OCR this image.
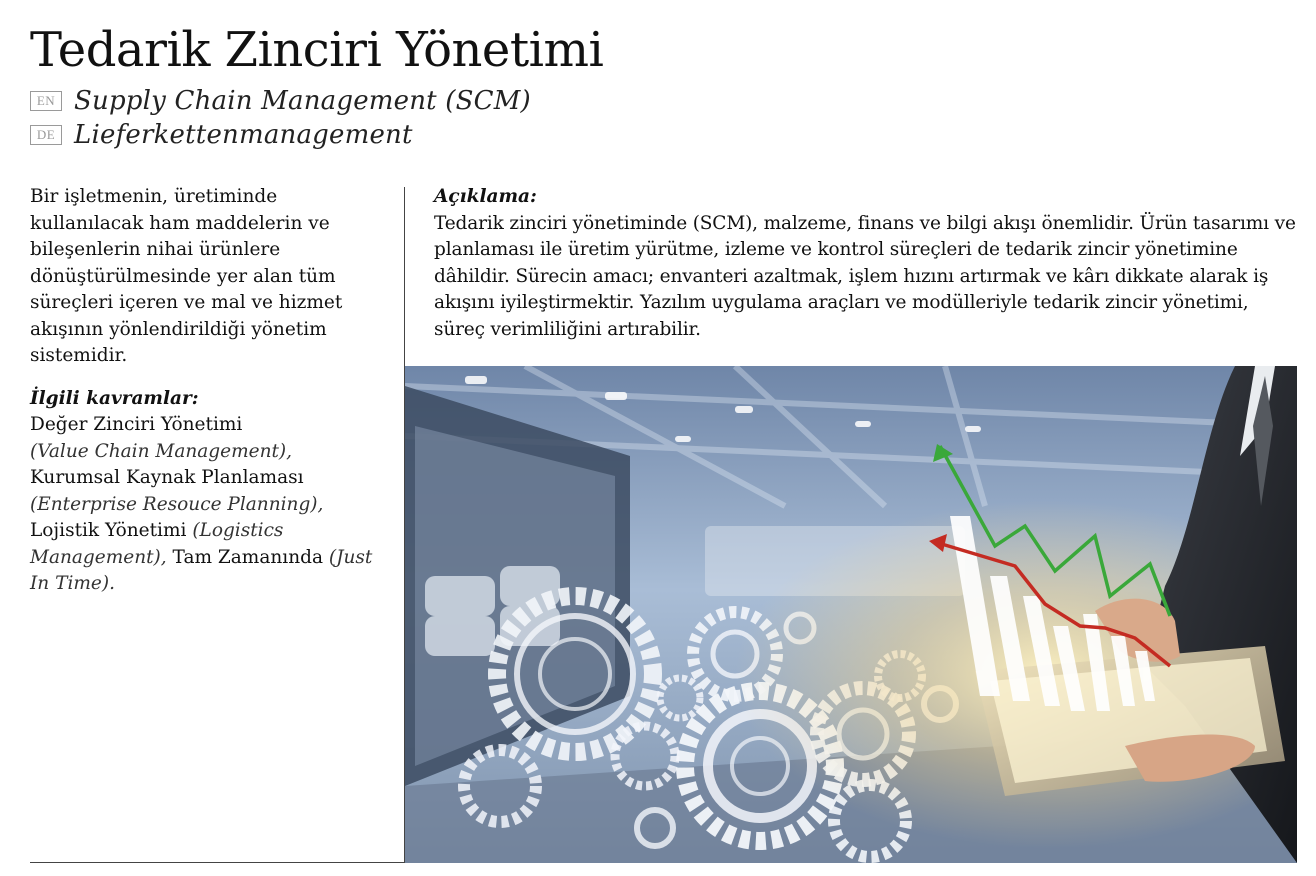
Tedarik Zinciri Yönetimi
EN Supply Chain Management (SCM)
DE Lieferkettenmanagement
Bir işletmenin, üretiminde kullanılacak ham maddelerin ve bileşenlerin nihai ürünlere dönüştürülmesinde yer alan tüm süreçleri içeren ve mal ve hizmet akışının yönlendirildiği yönetim sistemidir.
İlgili kavramlar:
Değer Zinciri Yönetimi
(Value Chain Management),
Kurumsal Kaynak Planlaması
(Enterprise Resouce Planning),
Lojistik Yönetimi (Logistics Management), Tam Zamanında (Just In Time).
Açıklama:
Tedarik zinciri yönetiminde (SCM), malzeme, finans ve bilgi akışı önemlidir. Ürün tasarımı ve planlaması ile üretim yürütme, izleme ve kontrol süreçleri de tedarik zincir yönetimine dâhildir. Sürecin amacı; envanteri azaltmak, işlem hızını artırmak ve kârı dikkate alarak iş akışını iyileştirmektir. Yazılım uygulama araçları ve modülleriyle tedarik zincir yönetimi, süreç verimliliğini artırabilir.
